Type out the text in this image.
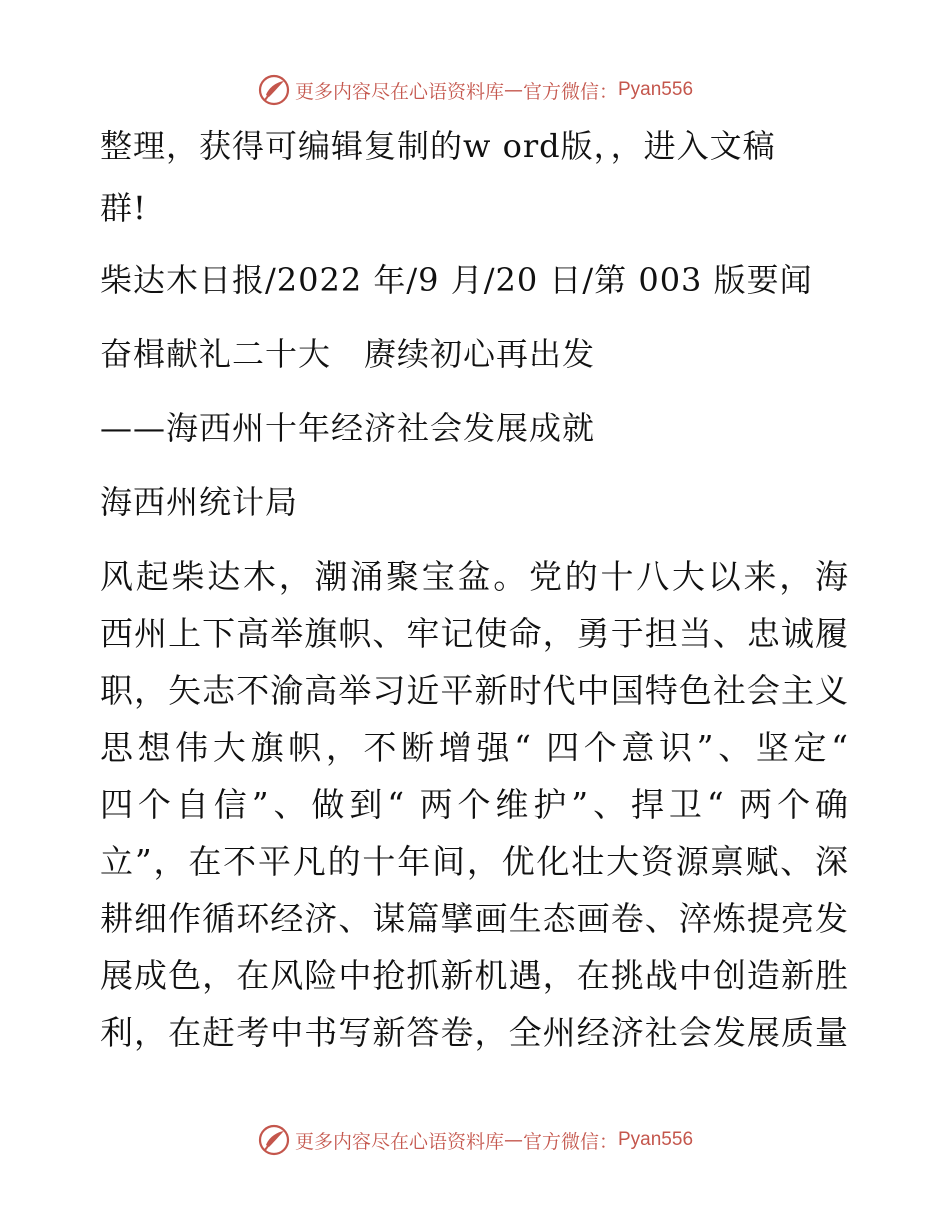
更多内容尽在心语资料库 — 官方微信： Pyan556

整理，获得可编辑复制的w ord版，，进入文稿

群!

柴达木日报/2022 年/9 月/20 日/第 003 版要闻

奋楫献礼二十大　赓续初心再出发

——海西州十年经济社会发展成就

海西州统计局

风起柴达木，潮涌聚宝盆。党的十八大以来，海

西州上下高举旗帜、牢记使命，勇于担当、忠诚履

职，矢志不渝高举习近平新时代中国特色社会主义

思想伟大旗帜，不断增强“ 四个意识”、坚定“

四个自信”、做到“ 两个维护”、捍卫“ 两个确

立”，在不平凡的十年间，优化壮大资源禀赋、深

耕细作循环经济、谋篇擘画生态画卷、淬炼提亮发

展成色，在风险中抢抓新机遇，在挑战中创造新胜

利，在赶考中书写新答卷，全州经济社会发展质量

更多内容尽在心语资料库 — 官方微信： Pyan556
